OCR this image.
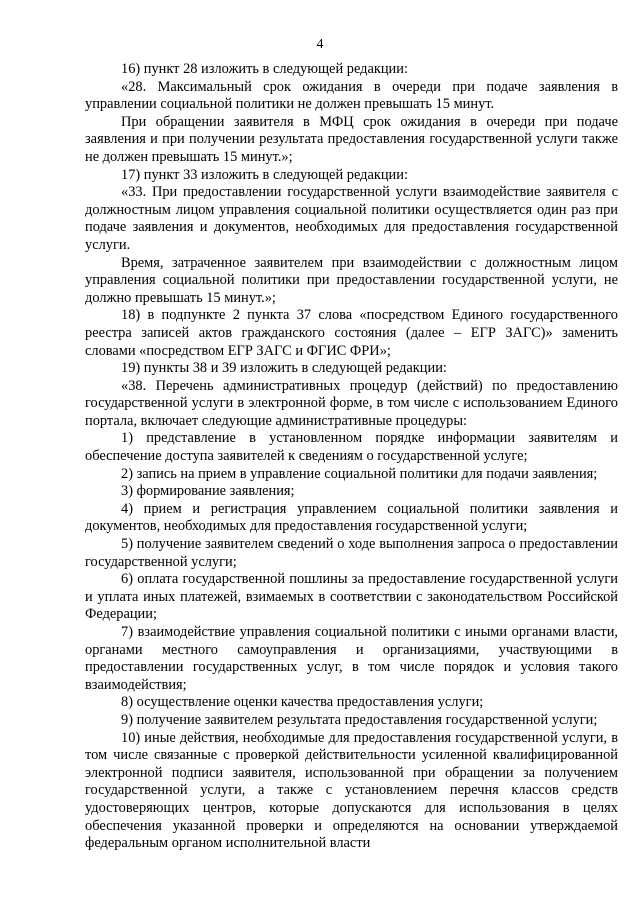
4

16) пункт 28 изложить в следующей редакции:

«28. Максимальный срок ожидания в очереди при подаче заявления в управлении социальной политики не должен превышать 15 минут.

При обращении заявителя в МФЦ срок ожидания в очереди при подаче заявления и при получении результата предоставления государственной услуги также не должен превышать 15 минут.»;

17) пункт 33 изложить в следующей редакции:

«33. При предоставлении государственной услуги взаимодействие заявителя с должностным лицом управления социальной политики осуществляется один раз при подаче заявления и документов, необходимых для предоставления государственной услуги.

Время, затраченное заявителем при взаимодействии с должностным лицом управления социальной политики при предоставлении государственной услуги, не должно превышать 15 минут.»;

18) в подпункте 2 пункта 37 слова «посредством Единого государственного реестра записей актов гражданского состояния (далее – ЕГР ЗАГС)» заменить словами «посредством ЕГР ЗАГС и ФГИС ФРИ»;

19) пункты 38 и 39 изложить в следующей редакции:

«38. Перечень административных процедур (действий) по предоставлению государственной услуги в электронной форме, в том числе с использованием Единого портала, включает следующие административные процедуры:

1) представление в установленном порядке информации заявителям и обеспечение доступа заявителей к сведениям о государственной услуге;

2) запись на прием в управление социальной политики для подачи заявления;

3) формирование заявления;

4) прием и регистрация управлением социальной политики заявления и документов, необходимых для предоставления государственной услуги;

5) получение заявителем сведений о ходе выполнения запроса о предоставлении государственной услуги;

6) оплата государственной пошлины за предоставление государственной услуги и уплата иных платежей, взимаемых в соответствии с законодательством Российской Федерации;

7) взаимодействие управления социальной политики с иными органами власти, органами местного самоуправления и организациями, участвующими в предоставлении государственных услуг, в том числе порядок и условия такого взаимодействия;

8) осуществление оценки качества предоставления услуги;

9) получение заявителем результата предоставления государственной услуги;

10) иные действия, необходимые для предоставления государственной услуги, в том числе связанные с проверкой действительности усиленной квалифицированной электронной подписи заявителя, использованной при обращении за получением государственной услуги, а также с установлением перечня классов средств удостоверяющих центров, которые допускаются для использования в целях обеспечения указанной проверки и определяются на основании утверждаемой федеральным органом исполнительной власти
